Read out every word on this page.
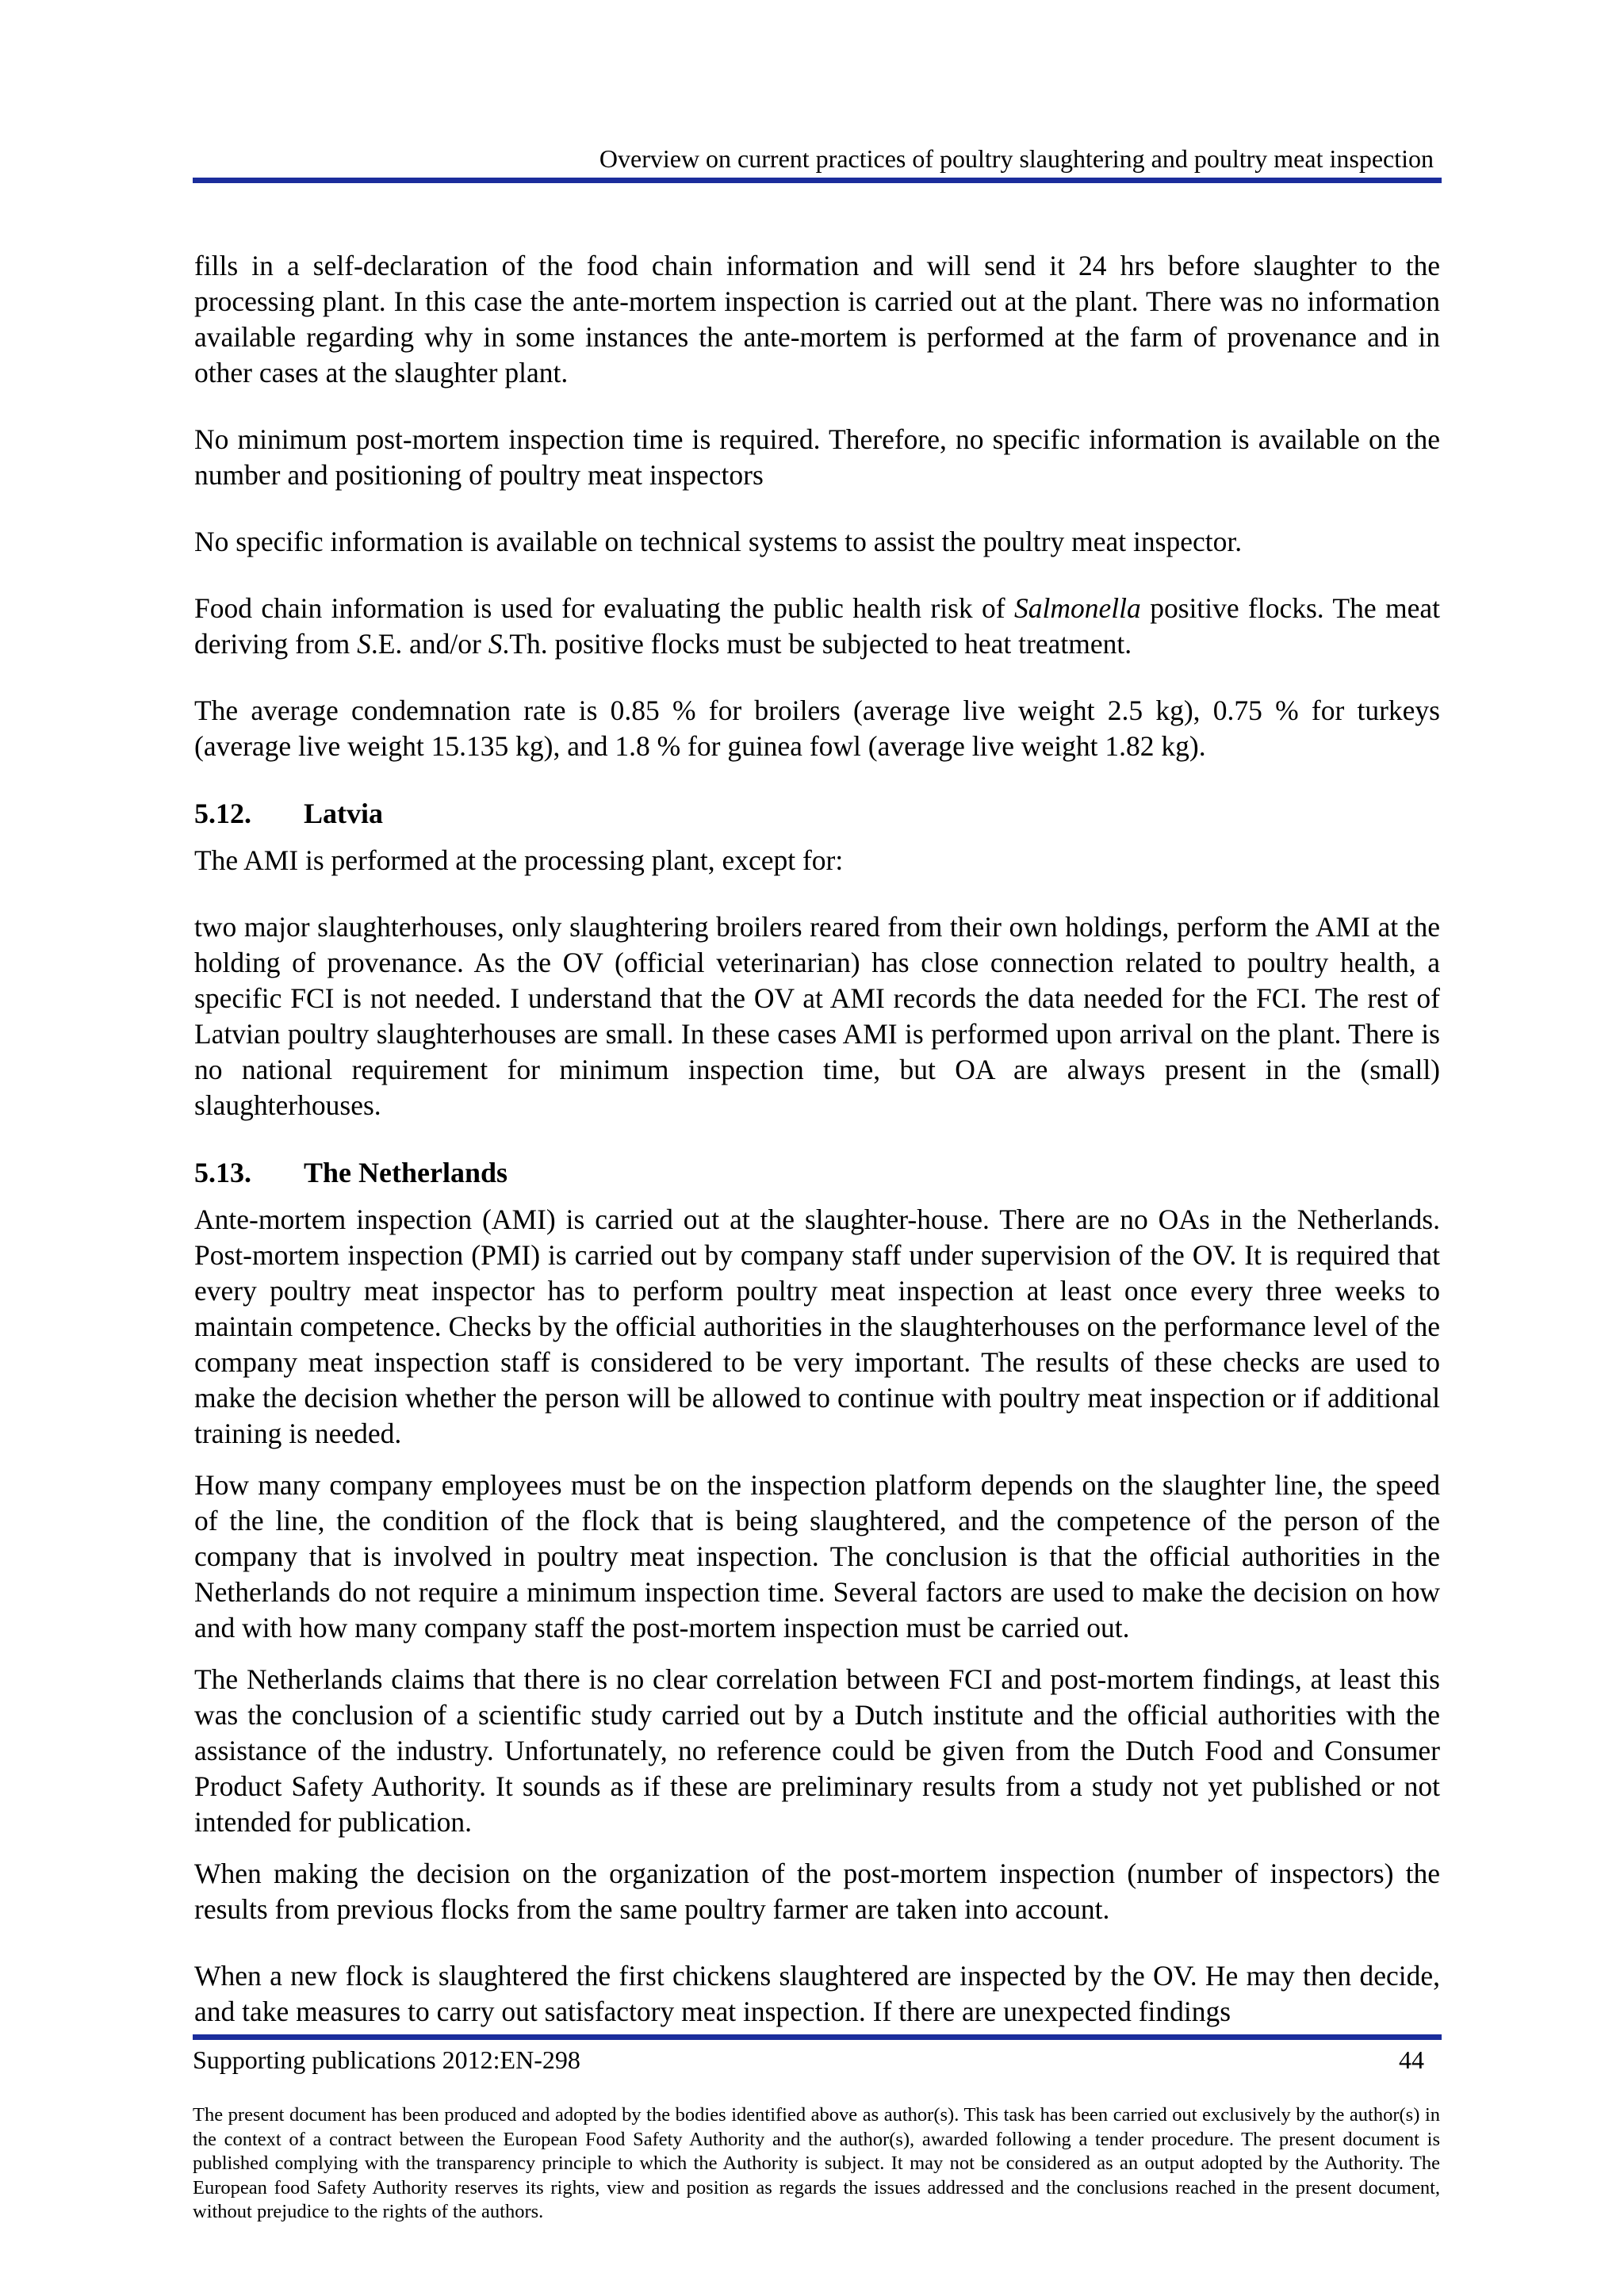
Overview on current practices of poultry slaughtering and poultry meat inspection

fills in a self-declaration of the food chain information and will send it 24 hrs before slaughter to the processing plant. In this case the ante-mortem inspection is carried out at the plant. There was no information available regarding why in some instances the ante-mortem is performed at the farm of provenance and in other cases at the slaughter plant.

No minimum post-mortem inspection time is required. Therefore, no specific information is available on the number and positioning of poultry meat inspectors

No specific information is available on technical systems to assist the poultry meat inspector.

Food chain information is used for evaluating the public health risk of Salmonella positive flocks. The meat deriving from S.E. and/or S.Th. positive flocks must be subjected to heat treatment.

The average condemnation rate is 0.85 % for broilers (average live weight 2.5 kg), 0.75 % for turkeys (average live weight 15.135 kg), and 1.8 % for guinea fowl (average live weight 1.82 kg).

5.12. Latvia

The AMI is performed at the processing plant, except for:

two major slaughterhouses, only slaughtering broilers reared from their own holdings, perform the AMI at the holding of provenance. As the OV (official veterinarian) has close connection related to poultry health, a specific FCI is not needed. I understand that the OV at AMI records the data needed for the FCI. The rest of Latvian poultry slaughterhouses are small. In these cases AMI is performed upon arrival on the plant. There is no national requirement for minimum inspection time, but OA are always present in the (small) slaughterhouses.

5.13. The Netherlands

Ante-mortem inspection (AMI) is carried out at the slaughter-house. There are no OAs in the Netherlands. Post-mortem inspection (PMI) is carried out by company staff under supervision of the OV. It is required that every poultry meat inspector has to perform poultry meat inspection at least once every three weeks to maintain competence. Checks by the official authorities in the slaughterhouses on the performance level of the company meat inspection staff is considered to be very important. The results of these checks are used to make the decision whether the person will be allowed to continue with poultry meat inspection or if additional training is needed.

How many company employees must be on the inspection platform depends on the slaughter line, the speed of the line, the condition of the flock that is being slaughtered, and the competence of the person of the company that is involved in poultry meat inspection. The conclusion is that the official authorities in the Netherlands do not require a minimum inspection time. Several factors are used to make the decision on how and with how many company staff the post-mortem inspection must be carried out.

The Netherlands claims that there is no clear correlation between FCI and post-mortem findings, at least this was the conclusion of a scientific study carried out by a Dutch institute and the official authorities with the assistance of the industry. Unfortunately, no reference could be given from the Dutch Food and Consumer Product Safety Authority. It sounds as if these are preliminary results from a study not yet published or not intended for publication.

When making the decision on the organization of the post-mortem inspection (number of inspectors) the results from previous flocks from the same poultry farmer are taken into account.

When a new flock is slaughtered the first chickens slaughtered are inspected by the OV. He may then decide, and take measures to carry out satisfactory meat inspection. If there are unexpected findings

Supporting publications 2012:EN-298	44
The present document has been produced and adopted by the bodies identified above as author(s). This task has been carried out exclusively by the author(s) in the context of a contract between the European Food Safety Authority and the author(s), awarded following a tender procedure. The present document is published complying with the transparency principle to which the Authority is subject. It may not be considered as an output adopted by the Authority. The European food Safety Authority reserves its rights, view and position as regards the issues addressed and the conclusions reached in the present document, without prejudice to the rights of the authors.
